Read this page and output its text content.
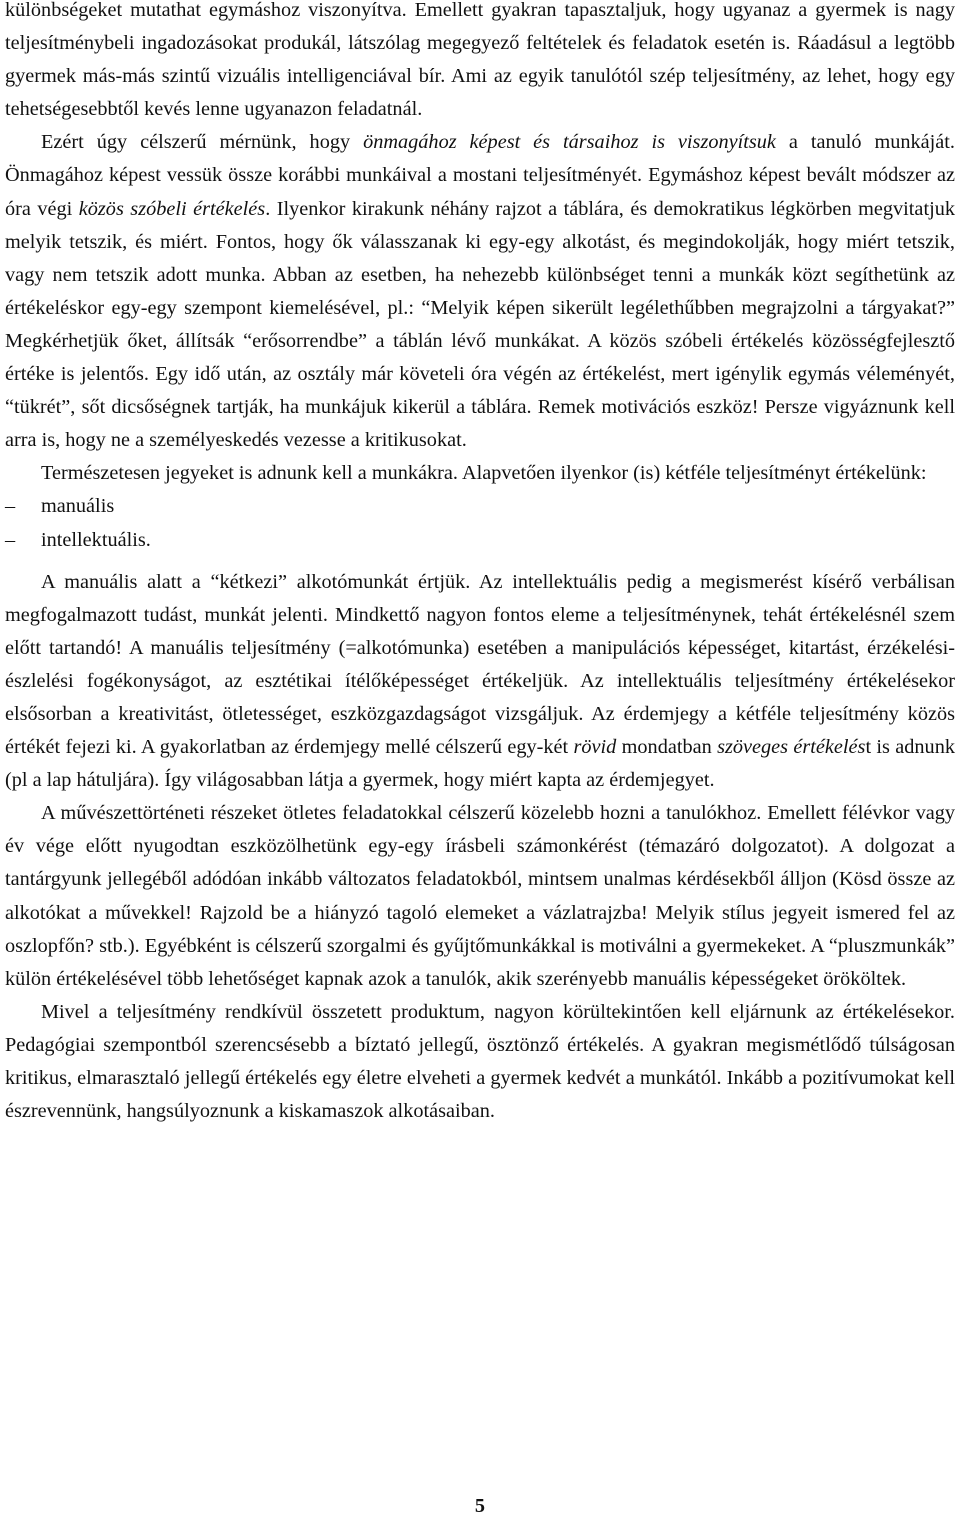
különbségeket mutathat egymáshoz viszonyítva. Emellett gyakran tapasztaljuk, hogy ugyanaz a gyermek is nagy teljesítménybeli ingadozásokat produkál, látszólag megegyező feltételek és feladatok esetén is. Ráadásul a legtöbb gyermek más-más szintű vizuális intelligenciával bír. Ami az egyik tanulótól szép teljesítmény, az lehet, hogy egy tehetségesebbtől kevés lenne ugyanazon feladatnál.

Ezért úgy célszerű mérnünk, hogy önmagához képest és társaihoz is viszonyítsuk a tanuló munkáját. Önmagához képest vessük össze korábbi munkáival a mostani teljesítményét. Egymáshoz képest bevált módszer az óra végi közös szóbeli értékelés. Ilyenkor kirakunk néhány rajzot a táblára, és demokratikus légkörben megvitatjuk melyik tetszik, és miért. Fontos, hogy ők válasszanak ki egy-egy alkotást, és megindokolják, hogy miért tetszik, vagy nem tetszik adott munka. Abban az esetben, ha nehezebb különbséget tenni a munkák közt segíthetünk az értékeléskor egy-egy szempont kiemelésével, pl.: “Melyik képen sikerült legélethűbben megrajzolni a tárgyakat?” Megkérhetjük őket, állítsák “erősorrendbe” a táblán lévő munkákat. A közös szóbeli értékelés közösségfejlesztő értéke is jelentős. Egy idő után, az osztály már követeli óra végén az értékelést, mert igénylik egymás véleményét, “tükrét”, sőt dicsőségnek tartják, ha munkájuk kikerül a táblára. Remek motivációs eszköz! Persze vigyáznunk kell arra is, hogy ne a személyeskedés vezesse a kritikusokat.

Természetesen jegyeket is adnunk kell a munkákra. Alapvetően ilyenkor (is) kétféle teljesítményt értékelünk:

–	manuális
–	intellektuális.

A manuális alatt a “kétkezi” alkotómunkát értjük. Az intellektuális pedig a megismerést kísérő verbálisan megfogalmazott tudást, munkát jelenti. Mindkettő nagyon fontos eleme a teljesítménynek, tehát értékelésnél szem előtt tartandó! A manuális teljesítmény (=alkotómunka) esetében a manipulációs képességet, kitartást, érzékelési-észlelési fogékonyságot, az esztétikai ítélőképességet értékeljük. Az intellektuális teljesítmény értékelésekor elsősorban a kreativitást, ötletességet, eszközgazdagságot vizsgáljuk. Az érdemjegy a kétféle teljesítmény közös értékét fejezi ki. A gyakorlatban az érdemjegy mellé célszerű egy-két rövid mondatban szöveges értékelést is adnunk (pl a lap hátuljára). Így világosabban látja a gyermek, hogy miért kapta az érdemjegyet.

A művészettörténeti részeket ötletes feladatokkal célszerű közelebb hozni a tanulókhoz. Emellett félévkor vagy év vége előtt nyugodtan eszközölhetünk egy-egy írásbeli számonkérést (témazáró dolgozatot). A dolgozat a tantárgyunk jellegéből adódóan inkább változatos feladatokból, mintsem unalmas kérdésekből álljon (Kösd össze az alkotókat a művekkel! Rajzold be a hiányzó tagoló elemeket a vázlatrajzba! Melyik stílus jegyeit ismered fel az oszlopfőn? stb.). Egyébként is célszerű szorgalmi és gyűjtőmunkákkal is motiválni a gyermekeket. A “pluszmunkák” külön értékelésével több lehetőséget kapnak azok a tanulók, akik szerényebb manuális képességeket örököltek.

Mivel a teljesítmény rendkívül összetett produktum, nagyon körültekintően kell eljárnunk az értékelésekor. Pedagógiai szempontból szerencsésebb a bíztató jellegű, ösztönző értékelés. A gyakran megismétlődő túlságosan kritikus, elmarasztaló jellegű értékelés egy életre elveheti a gyermek kedvét a munkától. Inkább a pozitívumokat kell észrevennünk, hangsúlyoznunk a kiskamaszok alkotásaiban.

5
